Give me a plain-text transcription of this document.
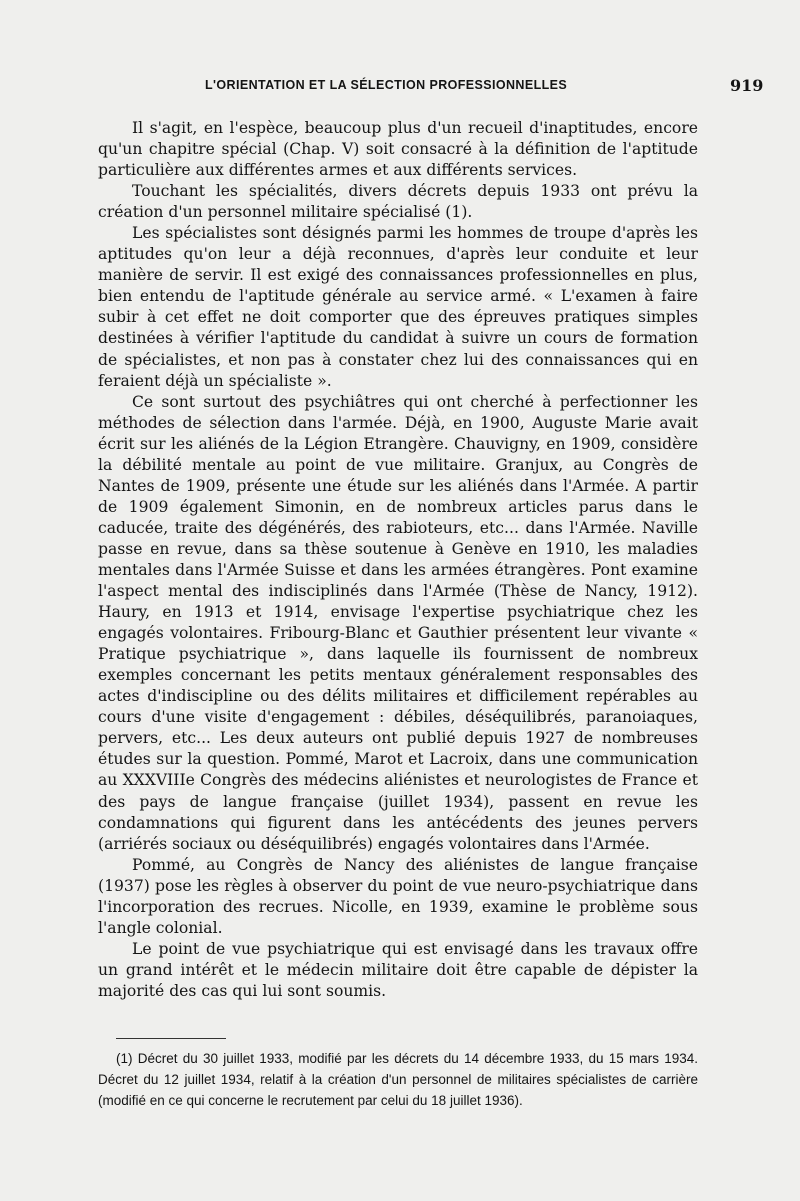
L'ORIENTATION ET LA SÉLECTION PROFESSIONNELLES	919

Il s'agit, en l'espèce, beaucoup plus d'un recueil d'inaptitudes, encore qu'un chapitre spécial (Chap. V) soit consacré à la définition de l'aptitude particulière aux différentes armes et aux différents services.

Touchant les spécialités, divers décrets depuis 1933 ont prévu la création d'un personnel militaire spécialisé (1).

Les spécialistes sont désignés parmi les hommes de troupe d'après les aptitudes qu'on leur a déjà reconnues, d'après leur conduite et leur manière de servir. Il est exigé des connaissances professionnelles en plus, bien entendu de l'aptitude générale au service armé. « L'examen à faire subir à cet effet ne doit comporter que des épreuves pratiques simples destinées à vérifier l'aptitude du candidat à suivre un cours de formation de spécialistes, et non pas à constater chez lui des connaissances qui en feraient déjà un spécialiste ».

Ce sont surtout des psychiâtres qui ont cherché à perfectionner les méthodes de sélection dans l'armée. Déjà, en 1900, Auguste Marie avait écrit sur les aliénés de la Légion Etrangère. Chauvigny, en 1909, considère la débilité mentale au point de vue militaire. Granjux, au Congrès de Nantes de 1909, présente une étude sur les aliénés dans l'Armée. A partir de 1909 également Simonin, en de nombreux articles parus dans le caducée, traite des dégénérés, des rabioteurs, etc... dans l'Armée. Naville passe en revue, dans sa thèse soutenue à Genève en 1910, les maladies mentales dans l'Armée Suisse et dans les armées étrangères. Pont examine l'aspect mental des indisciplinés dans l'Armée (Thèse de Nancy, 1912). Haury, en 1913 et 1914, envisage l'expertise psychiatrique chez les engagés volontaires. Fribourg-Blanc et Gauthier présentent leur vivante « Pratique psychiatrique », dans laquelle ils fournissent de nombreux exemples concernant les petits mentaux généralement responsables des actes d'indiscipline ou des délits militaires et difficilement repérables au cours d'une visite d'engagement : débiles, déséquilibrés, paranoiaques, pervers, etc... Les deux auteurs ont publié depuis 1927 de nombreuses études sur la question. Pommé, Marot et Lacroix, dans une communication au XXXVIIIe Congrès des médecins aliénistes et neurologistes de France et des pays de langue française (juillet 1934), passent en revue les condamnations qui figurent dans les antécédents des jeunes pervers (arriérés sociaux ou déséquilibrés) engagés volontaires dans l'Armée.

Pommé, au Congrès de Nancy des aliénistes de langue française (1937) pose les règles à observer du point de vue neuro-psychiatrique dans l'incorporation des recrues. Nicolle, en 1939, examine le problème sous l'angle colonial.

Le point de vue psychiatrique qui est envisagé dans les travaux offre un grand intérêt et le médecin militaire doit être capable de dépister la majorité des cas qui lui sont soumis.

(1) Décret du 30 juillet 1933, modifié par les décrets du 14 décembre 1933, du 15 mars 1934. Décret du 12 juillet 1934, relatif à la création d'un personnel de militaires spécialistes de carrière (modifié en ce qui concerne le recrutement par celui du 18 juillet 1936).
